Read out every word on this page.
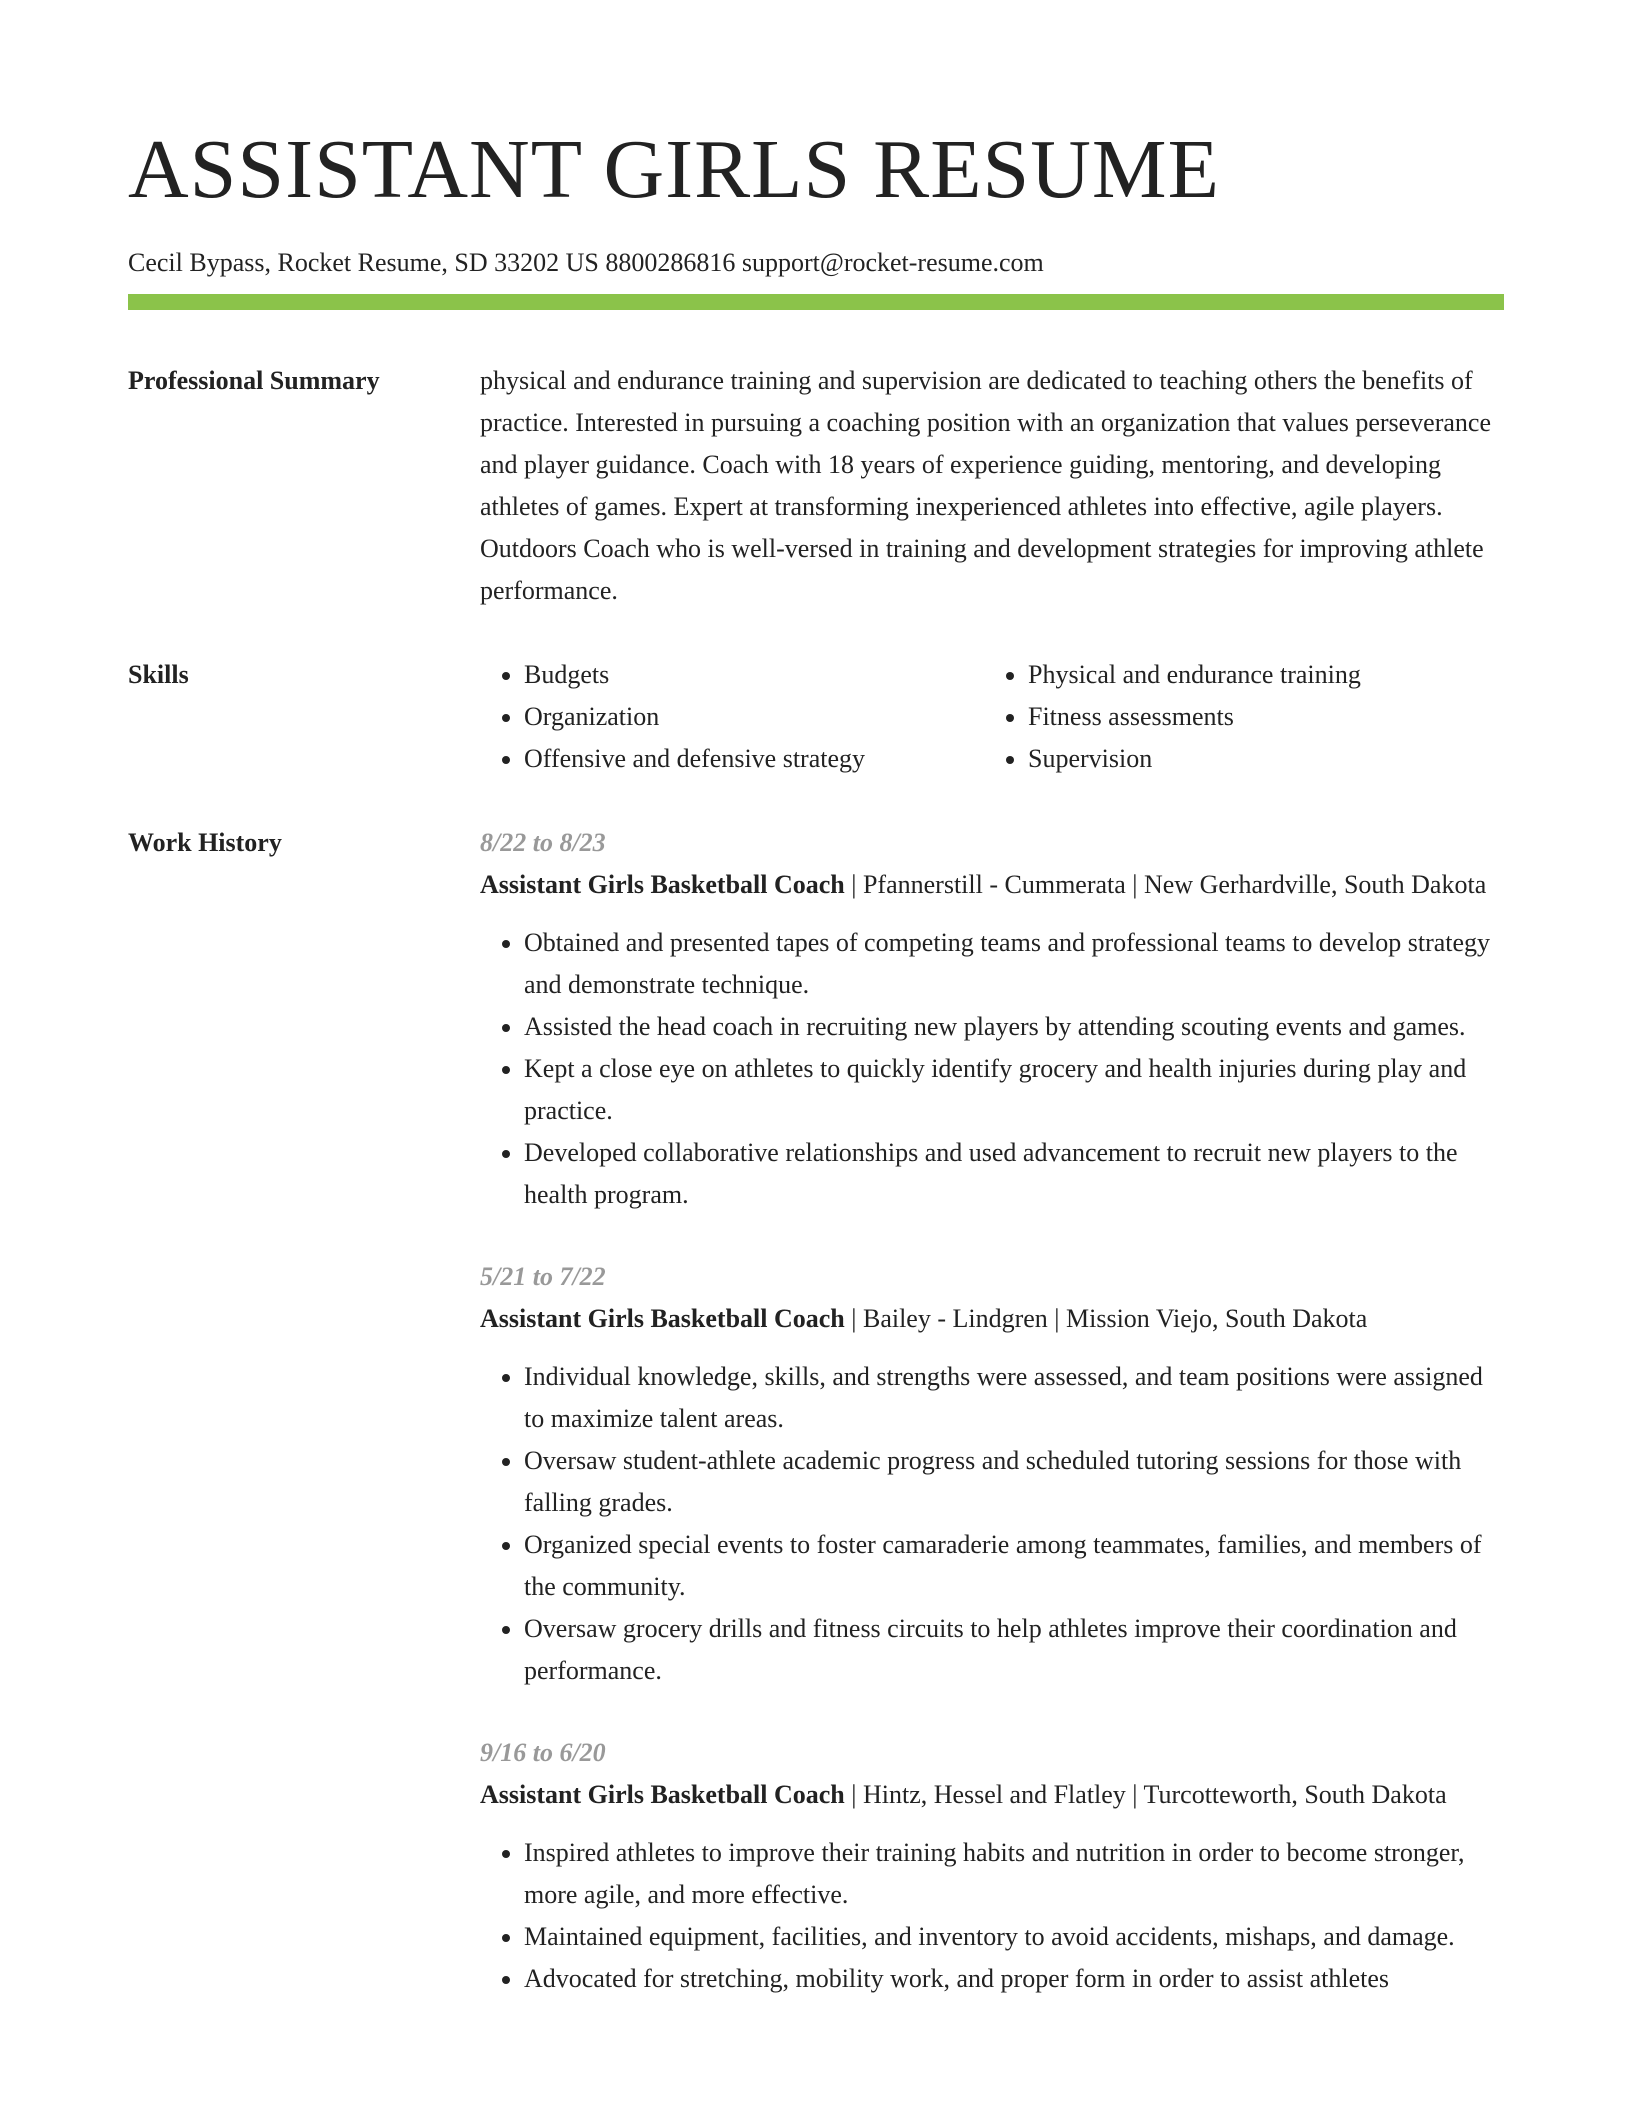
ASSISTANT GIRLS RESUME
Cecil Bypass, Rocket Resume, SD 33202 US 8800286816 support@rocket-resume.com
Professional Summary	physical and endurance training and supervision are dedicated to teaching others the benefits of practice. Interested in pursuing a coaching position with an organization that values perseverance and player guidance. Coach with 18 years of experience guiding, mentoring, and developing athletes of games. Expert at transforming inexperienced athletes into effective, agile players. Outdoors Coach who is well-versed in training and development strategies for improving athlete performance.

Skills
•	Budgets
• Organization
• Offensive and defensive strategy
• Physical and endurance training
• Fitness assessments
• Supervision
Work History	8/22 to 8/23
Assistant Girls Basketball Coach | Pfannerstill - Cummerata | New Gerhardville, South Dakota
• Obtained and presented tapes of competing teams and professional teams to develop strategy and demonstrate technique.
• Assisted the head coach in recruiting new players by attending scouting events and games.
• Kept a close eye on athletes to quickly identify grocery and health injuries during play and practice.
• Developed collaborative relationships and used advancement to recruit new players to the health program.
5/21 to 7/22
Assistant Girls Basketball Coach | Bailey - Lindgren | Mission Viejo, South Dakota
• Individual knowledge, skills, and strengths were assessed, and team positions were assigned to maximize talent areas.
• Oversaw student-athlete academic progress and scheduled tutoring sessions for those with falling grades.
• Organized special events to foster camaraderie among teammates, families, and members of the community.
• Oversaw grocery drills and fitness circuits to help athletes improve their coordination and performance.
9/16 to 6/20
Assistant Girls Basketball Coach | Hintz, Hessel and Flatley | Turcotteworth, South Dakota
• Inspired athletes to improve their training habits and nutrition in order to become stronger, more agile, and more effective.
• Maintained equipment, facilities, and inventory to avoid accidents, mishaps, and damage.
• Advocated for stretching, mobility work, and proper form in order to assist athletes
